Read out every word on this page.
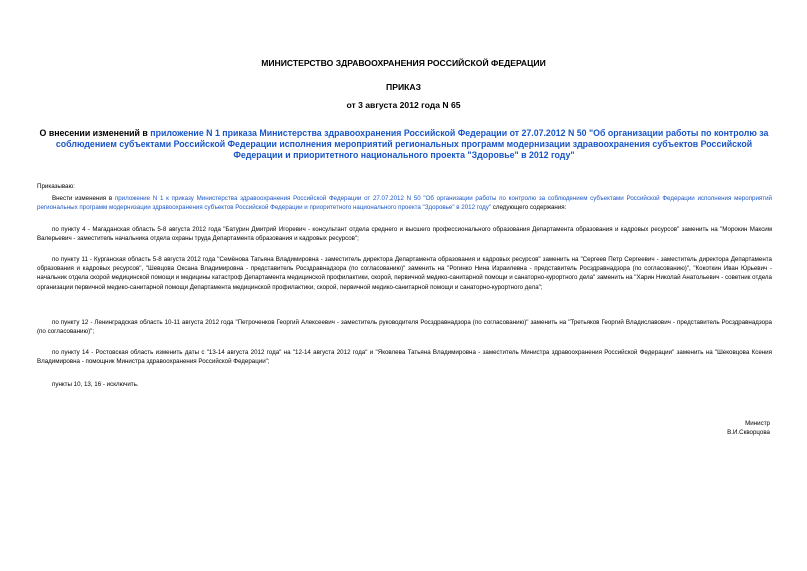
МИНИСТЕРСТВО ЗДРАВООХРАНЕНИЯ РОССИЙСКОЙ ФЕДЕРАЦИИ
ПРИКАЗ
от 3 августа 2012 года N 65
О внесении изменений в приложение N 1 приказа Министерства здравоохранения Российской Федерации от 27.07.2012 N 50 "Об организации работы по контролю за соблюдением субъектами Российской Федерации исполнения мероприятий региональных программ модернизации здравоохранения субъектов Российской Федерации и приоритетного национального проекта "Здоровье" в 2012 году"
Приказываю:
Внести изменения в приложение N 1 к приказу Министерства здравоохранения Российской Федерации от 27.07.2012 N 50 "Об организации работы по контролю за соблюдением субъектами Российской Федерации исполнения мероприятий региональных программ модернизации здравоохранения субъектов Российской Федерации и приоритетного национального проекта "Здоровье" в 2012 году" следующего содержания:
по пункту 4 - Магаданская область 5-8 августа 2012 года "Батурин Дмитрий Игоревич - консультант отдела среднего и высшего профессионального образования Департамента образования и кадровых ресурсов" заменить на "Морокин Максим Валерьевич - заместитель начальника отдела охраны труда Департамента образования и кадровых ресурсов";
по пункту 11 - Курганская область 5-8 августа 2012 года "Семёнова Татьяна Владимировна - заместитель директора Департамента образования и кадровых ресурсов" заменить на "Сергеев Петр Сергеевич - заместитель директора Департамента образования и кадровых ресурсов", "Шевцова Оксана Владимировна - представитель Росздравнадзора (по согласованию)" заменить на "Рогинко Нина Израилевна - представитель Росздравнадзора (по согласованию)", "Кокоткин Иван Юрьевич - начальник отдела скорой медицинской помощи и медицины катастроф Департамента медицинской профилактики, скорой, первичной медико-санитарной помощи и санаторно-курортного дела" заменить на "Харин Николай Анатольевич - советник отдела организации первичной медико-санитарной помощи Департамента медицинской профилактики, скорой, первичной медико-санитарной помощи и санаторно-курортного дела";
по пункту 12 - Ленинградская область 10-11 августа 2012 года "Петроченков Георгий Алексеевич - заместитель руководителя Росздравнадзора (по согласованию)" заменить на "Третьяков Георгий Владиславович - представитель Росздравнадзора (по согласованию)";
по пункту 14 - Ростовская область изменить даты с "13-14 августа 2012 года" на "12-14 августа 2012 года" и "Яковлева Татьяна Владимировна - заместитель Министра здравоохранения Российской Федерации" заменить на "Шековцова Ксения Владимировна - помощник Министра здравоохранения Российской Федерации";
пункты 10, 13, 16 - исключить.
Министр
В.И.Скворцова
